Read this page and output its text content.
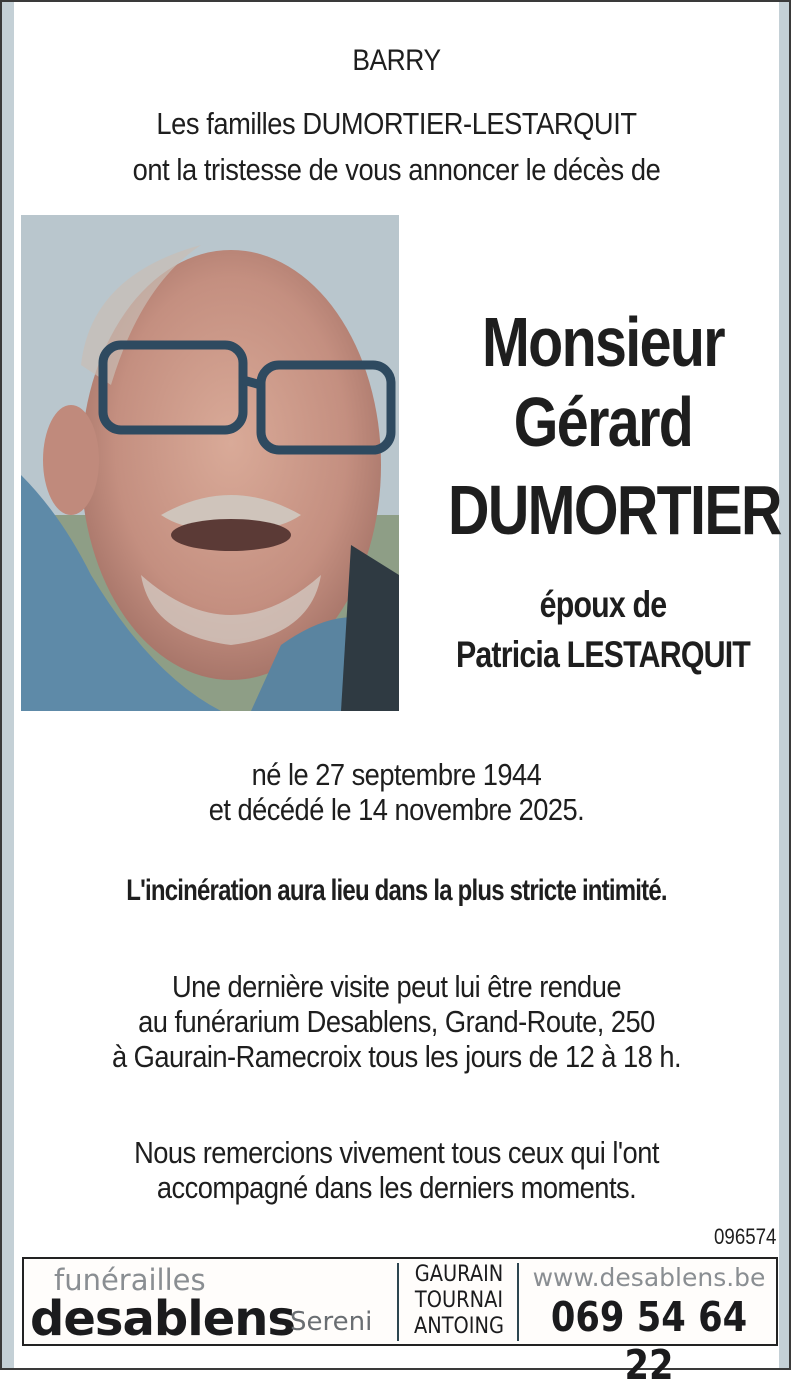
BARRY
Les familles DUMORTIER-LESTARQUIT
ont la tristesse de vous annoncer le décès de
Monsieur
Gérard
DUMORTIER
époux de
Patricia LESTARQUIT
né le 27 septembre 1944
et décédé le 14 novembre 2025.
L'incinération aura lieu dans la plus stricte intimité.
Une dernière visite peut lui être rendue
au funérarium Desablens, Grand-Route, 250
à Gaurain-Ramecroix tous les jours de 12 à 18 h.
Nous remercions vivement tous ceux qui l'ont
accompagné dans les derniers moments.
096574
funérailles
desablens
Sereni
GAURAIN
TOURNAI
ANTOING
www.desablens.be
069 54 64 22
